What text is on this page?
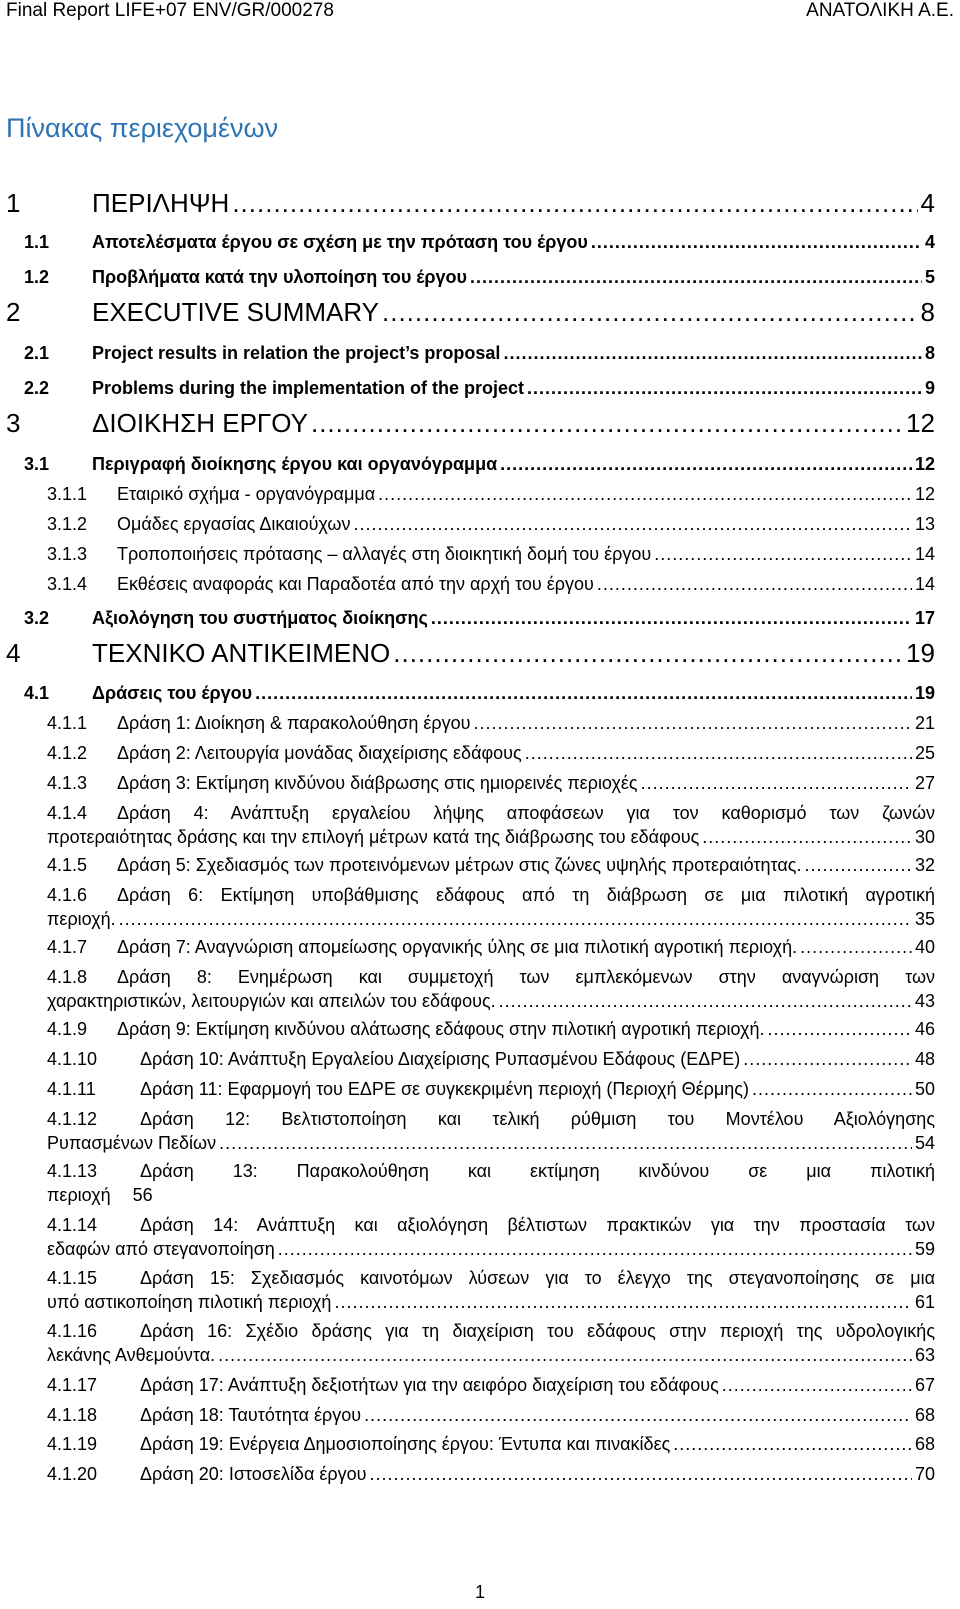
Final Report LIFE+07 ENV/GR/000278	ΑΝΑΤΟΛΙΚΗ Α.Ε.
Πίνακας περιεχομένων
1	ΠΕΡΙΛΗΨΗ .....	4
1.1 Αποτελέσματα έργου σε σχέση με την πρόταση του έργου .....	4
1.2 Προβλήματα κατά την υλοποίηση του έργου .....	5
2	EXECUTIVE SUMMARY .....	8
2.1 Project results in relation the project’s proposal .....	8
2.2 Problems during the implementation of the project .....	9
3	ΔΙΟΙΚΗΣΗ ΕΡΓΟΥ .....	12
3.1 Περιγραφή διοίκησης έργου και οργανόγραμμα .....	12
3.1.1 Εταιρικό σχήμα - οργανόγραμμα .....	12
3.1.2 Ομάδες εργασίας Δικαιούχων .....	13
3.1.3 Τροποποιήσεις πρότασης – αλλαγές στη διοικητική δομή του έργου .....	14
3.1.4 Εκθέσεις αναφοράς και Παραδοτέα από την αρχή του έργου .....	14
3.2 Αξιολόγηση του συστήματος διοίκησης .....	17
4	ΤΕΧΝΙΚΟ ΑΝΤΙΚΕΙΜΕΝΟ .....	19
4.1 Δράσεις του έργου .....	19
4.1.1 Δράση 1: Διοίκηση & παρακολούθηση έργου .....	21
4.1.2 Δράση 2: Λειτουργία μονάδας διαχείρισης εδάφους .....	25
4.1.3 Δράση 3: Εκτίμηση κινδύνου διάβρωσης στις ημιορεινές περιοχές .....	27
4.1.4 Δράση 4: Ανάπτυξη εργαλείου λήψης αποφάσεων για τον καθορισμό των ζωνών
προτεραιότητας δράσης και την επιλογή μέτρων κατά της διάβρωσης του εδάφους .....	30
4.1.5 Δράση 5: Σχεδιασμός των προτεινόμενων μέτρων στις ζώνες υψηλής προτεραιότητας. .....	32
4.1.6 Δράση 6: Εκτίμηση υποβάθμισης εδάφους από τη διάβρωση σε μια πιλοτική αγροτική
περιοχή. .....	35
4.1.7 Δράση 7: Αναγνώριση απομείωσης οργανικής ύλης σε μια πιλοτική αγροτική περιοχή. .....	40
4.1.8 Δράση 8: Ενημέρωση και συμμετοχή των εμπλεκόμενων στην αναγνώριση των
χαρακτηριστικών, λειτουργιών και απειλών του εδάφους. .....	43
4.1.9 Δράση 9: Εκτίμηση κινδύνου αλάτωσης εδάφους στην πιλοτική αγροτική περιοχή. .....	46
4.1.10 Δράση 10: Ανάπτυξη Εργαλείου Διαχείρισης Ρυπασμένου Εδάφους (ΕΔΡΕ) .....	48
4.1.11 Δράση 11: Εφαρμογή του ΕΔΡΕ σε συγκεκριμένη περιοχή (Περιοχή Θέρμης) .....	50
4.1.12 Δράση 12: Βελτιστοποίηση και τελική ρύθμιση του Μοντέλου Αξιολόγησης
Ρυπασμένων Πεδίων .....	54
4.1.13 Δράση 13: Παρακολούθηση και εκτίμηση κινδύνου σε μια πιλοτική
περιοχή 56
4.1.14 Δράση 14: Ανάπτυξη και αξιολόγηση βέλτιστων πρακτικών για την προστασία των
εδαφών από στεγανοποίηση .....	59
4.1.15 Δράση 15: Σχεδιασμός καινοτόμων λύσεων για το έλεγχο της στεγανοποίησης σε μια
υπό αστικοποίηση πιλοτική περιοχή .....	61
4.1.16 Δράση 16: Σχέδιο δράσης για τη διαχείριση του εδάφους στην περιοχή της υδρολογικής
λεκάνης Ανθεμούντα. .....	63
4.1.17 Δράση 17: Ανάπτυξη δεξιοτήτων για την αειφόρο διαχείριση του εδάφους .....	67
4.1.18 Δράση 18: Ταυτότητα έργου .....	68
4.1.19 Δράση 19: Ενέργεια Δημοσιοποίησης έργου: Έντυπα και πινακίδες .....	68
4.1.20 Δράση 20: Ιστοσελίδα έργου .....	70
1
